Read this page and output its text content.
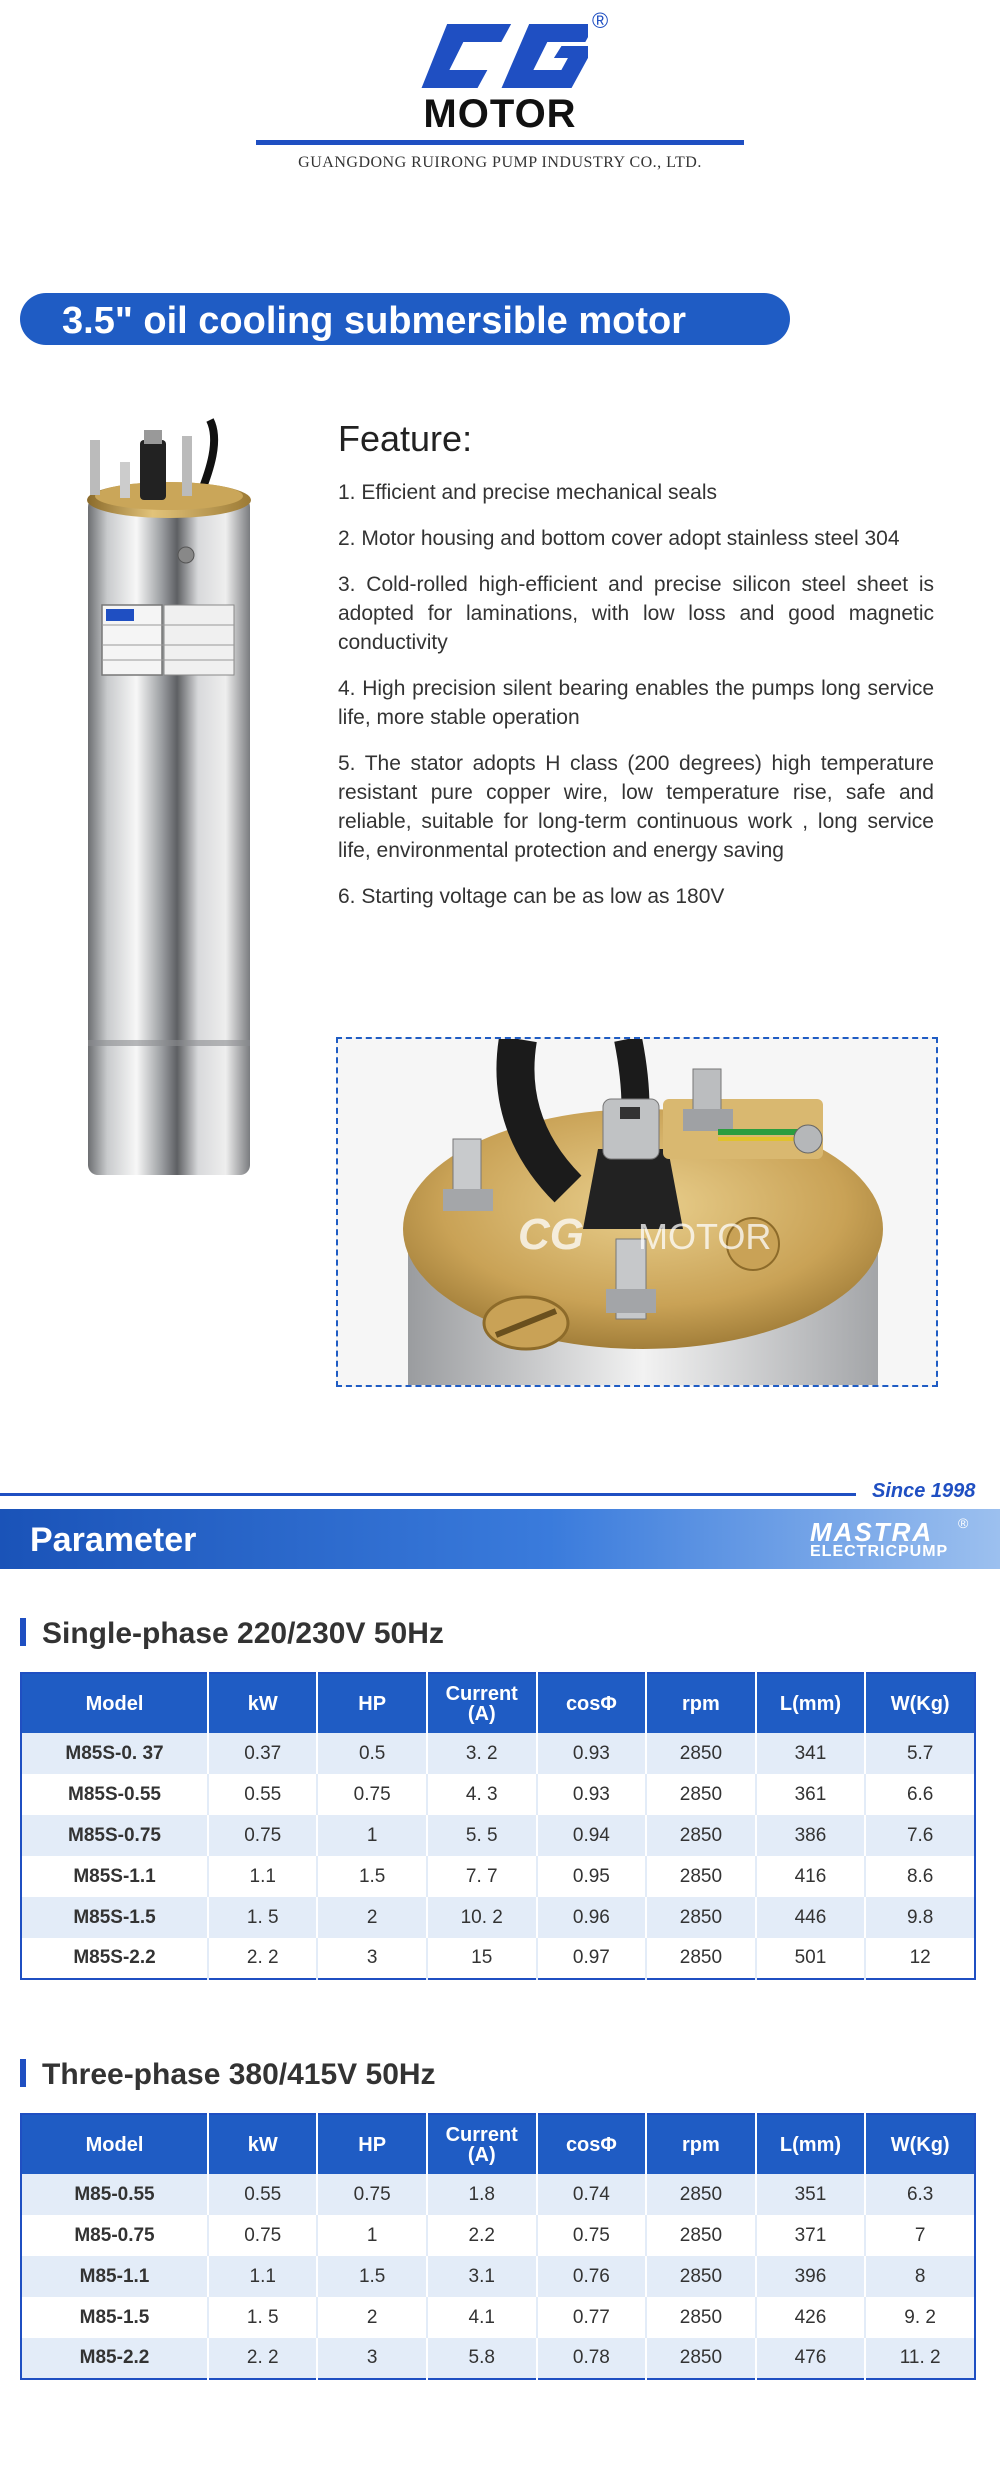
®
MOTOR
GUANGDONG RUIRONG PUMP INDUSTRY CO., LTD.
3.5" oil cooling submersible motor
Feature:
1. Efficient and precise mechanical seals
2. Motor housing and bottom cover adopt stainless steel 304
3. Cold-rolled high-efficient and precise silicon steel sheet is adopted for laminations, with low loss and good magnetic conductivity
4. High precision silent bearing enables the pumps long service life, more stable operation
5. The stator adopts H class (200 degrees) high temperature resistant pure copper wire, low temperature rise, safe and reliable, suitable for long-term continuous work , long service life, environmental protection and energy saving
6. Starting voltage can be as low as 180V
CG MOTOR
Since 1998
Parameter	MASTRA
ELECTRICPUMP
®
Single-phase 220/230V 50Hz
Model	kW	HP	Current (A)	cosΦ	rpm	L(mm)	W(Kg)
M85S-0. 37	0.37	0.5	3. 2	0.93	2850	341	5.7
M85S-0.55	0.55	0.75	4. 3	0.93	2850	361	6.6
M85S-0.75	0.75	1	5. 5	0.94	2850	386	7.6
M85S-1.1	1.1	1.5	7. 7	0.95	2850	416	8.6
M85S-1.5	1. 5	2	10. 2	0.96	2850	446	9.8
M85S-2.2	2. 2	3	15	0.97	2850	501	12
Three-phase 380/415V 50Hz
Model	kW	HP	Current (A)	cosΦ	rpm	L(mm)	W(Kg)
M85-0.55	0.55	0.75	1.8	0.74	2850	351	6.3
M85-0.75	0.75	1	2.2	0.75	2850	371	7
M85-1.1	1.1	1.5	3.1	0.76	2850	396	8
M85-1.5	1. 5	2	4.1	0.77	2850	426	9. 2
M85-2.2	2. 2	3	5.8	0.78	2850	476	11. 2
